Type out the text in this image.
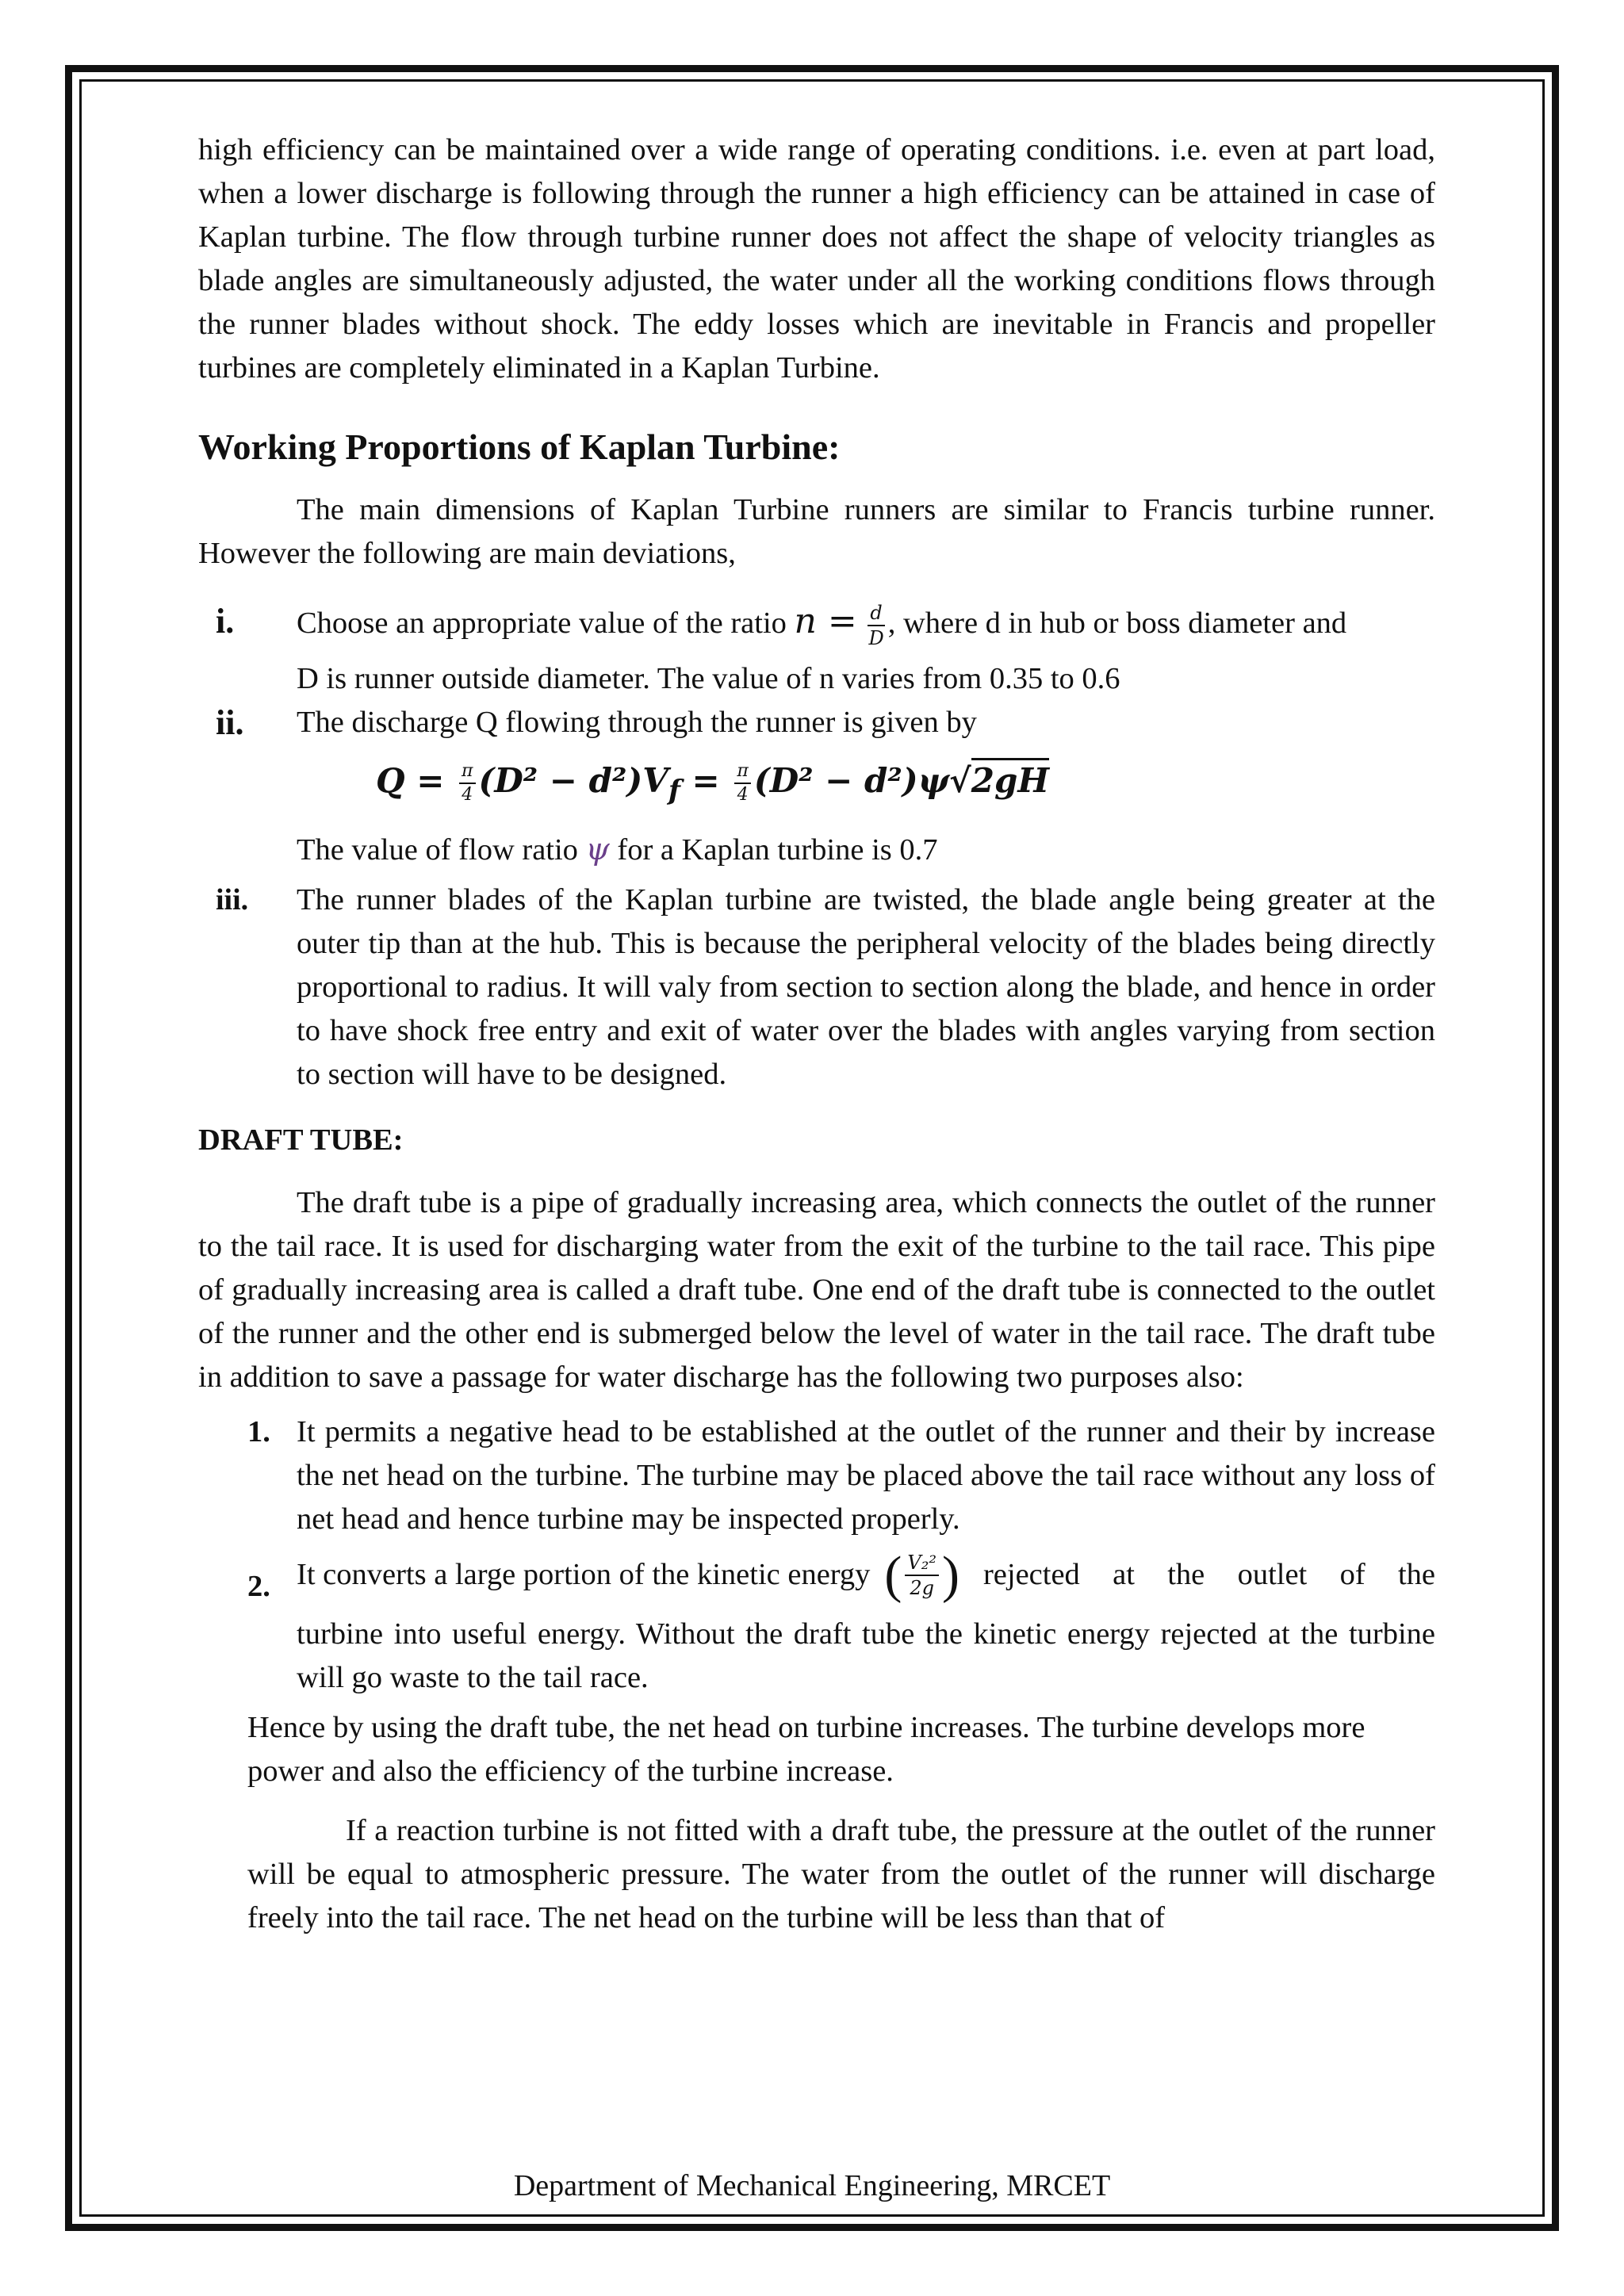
high efficiency can be maintained over a wide range of operating conditions. i.e. even at part load, when a lower discharge is following through the runner a high efficiency can be attained in case of Kaplan turbine. The flow through turbine runner does not affect the shape of velocity triangles as blade angles are simultaneously adjusted, the water under all the working conditions flows through the runner blades without shock. The eddy losses which are inevitable in Francis and propeller turbines are completely eliminated in a Kaplan Turbine.

Working Proportions of Kaplan Turbine:

The main dimensions of Kaplan Turbine runners are similar to Francis turbine runner. However the following are main deviations,

i.	Choose an appropriate value of the ratio $n = \frac{d}{D}$ , where d in hub or boss diameter and
D is runner outside diameter. The value of n varies from 0.35 to 0.6
ii.	The discharge Q flowing through the runner is given by
$Q = \frac{\pi}{4} (D^2 - d^2)V_f = \frac{\pi}{4} (D^2 - d^2)\psi√2gH$
The value of flow ratio ψ for a Kaplan turbine is 0.7
iii.	The runner blades of the Kaplan turbine are twisted, the blade angle being greater at the outer tip than at the hub. This is because the peripheral velocity of the blades being directly proportional to radius. It will valy from section to section along the blade, and hence in order to have shock free entry and exit of water over the blades with angles varying from section to section will have to be designed.
DRAFT TUBE:

The draft tube is a pipe of gradually increasing area, which connects the outlet of the runner to the tail race. It is used for discharging water from the exit of the turbine to the tail race. This pipe of gradually increasing area is called a draft tube. One end of the draft tube is connected to the outlet of the runner and the other end is submerged below the level of water in the tail race. The draft tube in addition to save a passage for water discharge has the following two purposes also:

1. It permits a negative head to be established at the outlet of the runner and their by increase the net head on the turbine. The turbine may be placed above the tail race without any loss of net head and hence turbine may be inspected properly.
2. It converts a large portion of the kinetic energy ( $\frac{\text{V₂²}}{2g}$ ) rejected at the outlet of the
turbine into useful energy. Without the draft tube the kinetic energy rejected at the turbine will go waste to the tail race.

Hence by using the draft tube, the net head on turbine increases. The turbine develops more power and also the efficiency of the turbine increase.

If a reaction turbine is not fitted with a draft tube, the pressure at the outlet of the runner will be equal to atmospheric pressure. The water from the outlet of the runner will discharge freely into the tail race. The net head on the turbine will be less than that of

Department of Mechanical Engineering, MRCET
